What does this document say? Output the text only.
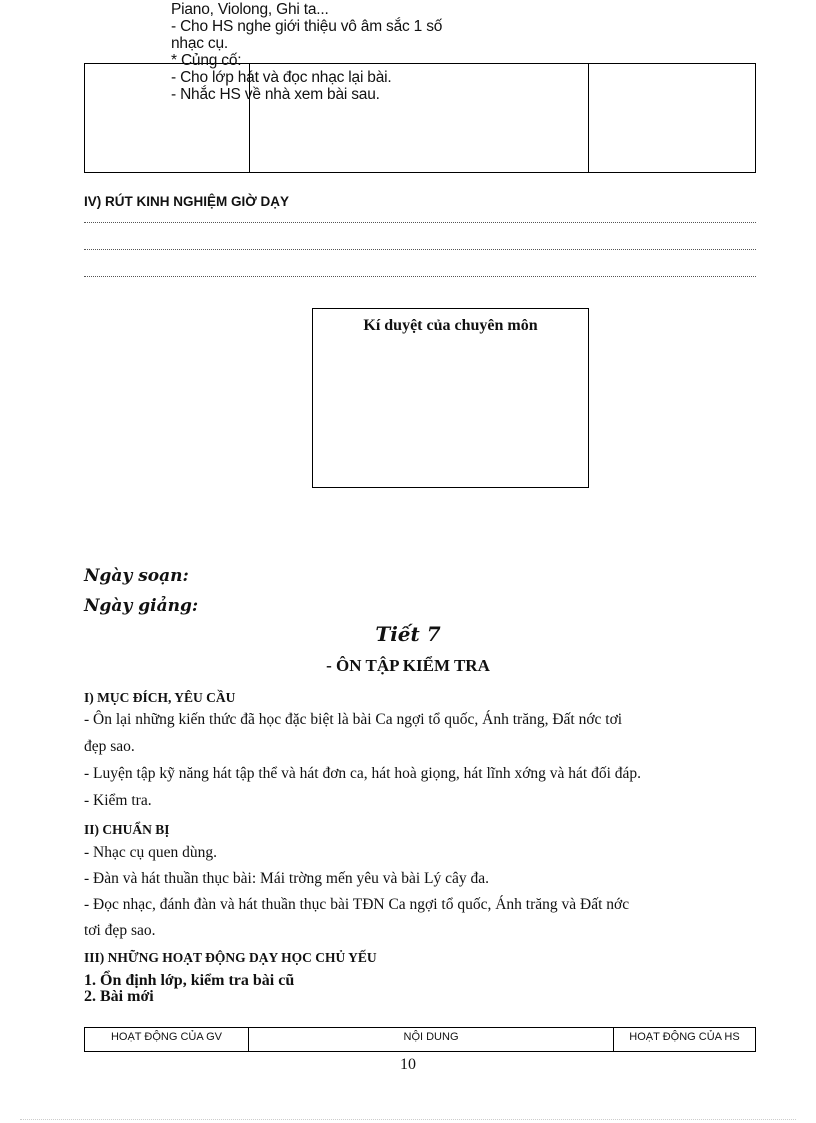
Piano, Violong, Ghi ta...
- Cho HS nghe giới thiệu vô âm sắc 1 số
nhạc cụ.
* Củng cố:
- Cho lớp hát và đọc nhạc lại bài.
- Nhắc HS về nhà xem bài sau.
IV) RÚT KINH NGHIỆM GIỜ DẠY
Kí duyệt của chuyên môn
Ngày soạn:
Ngày giảng:
Tiết 7
- ÔN TẬP KIỂM TRA
I) MỤC ĐÍCH, YÊU CẦU
- Ôn lại những kiến thức đã học đặc biệt là bài Ca ngợi tổ quốc, Ánh trăng, Đất nớc tơi
đẹp sao.
- Luyện tập kỹ năng hát tập thể và hát đơn ca, hát hoà giọng, hát lĩnh xớng và hát đối đáp.
- Kiểm tra.
II) CHUẨN BỊ
- Nhạc cụ quen dùng.
- Đàn và hát thuần thục bài: Mái trờng mến yêu và bài Lý cây đa.
- Đọc nhạc, đánh đàn và hát thuần thục bài TĐN Ca ngợi tổ quốc, Ánh trăng và Đất nớc
tơi đẹp sao.
III) NHỮNG HOẠT ĐỘNG DẠY HỌC CHỦ YẾU
1. Ổn định lớp, kiểm tra bài cũ
2. Bài mới
HOẠT ĐỘNG CỦA GV	NỘI DUNG	HOẠT ĐỘNG CỦA HS
10
